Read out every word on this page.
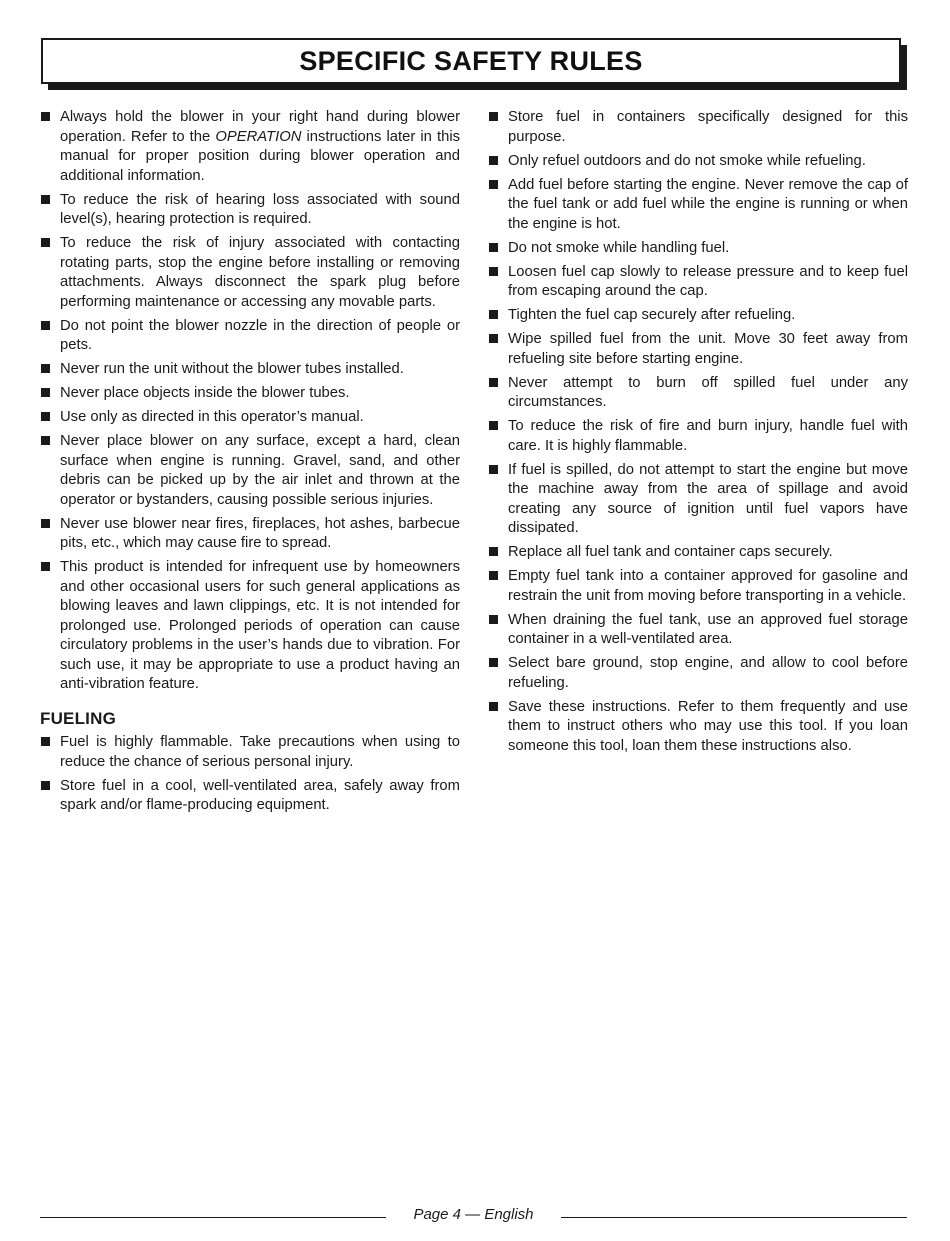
SPECIFIC SAFETY RULES
Always hold the blower in your right hand during blower operation. Refer to the OPERATION instructions later in this manual for proper position during blower operation and additional information.
To reduce the risk of hearing loss associated with sound level(s), hearing protection is required.
To reduce the risk of injury associated with contacting rotating parts, stop the engine before installing or removing attachments. Always disconnect the spark plug before performing maintenance or accessing any movable parts.
Do not point the blower nozzle in the direction of people or pets.
Never run the unit without the blower tubes installed.
Never place objects inside the blower tubes.
Use only as directed in this operator’s manual.
Never place blower on any surface, except a hard, clean surface when engine is running. Gravel, sand, and other debris can be picked up by the air inlet and thrown at the operator or bystanders, causing possible serious injuries.
Never use blower near fires, fireplaces, hot ashes, barbecue pits, etc., which may cause fire to spread.
This product is intended for infrequent use by homeowners and other occasional users for such general applications as blowing leaves and lawn clippings, etc. It is not intended for prolonged use. Prolonged periods of operation can cause circulatory problems in the user’s hands due to vibration. For such use, it may be appropriate to use a product having an anti-vibration feature.
FUELING
Fuel is highly flammable. Take precautions when using to reduce the chance of serious personal injury.
Store fuel in a cool, well-ventilated area, safely away from spark and/or flame-producing equipment.
Store fuel in containers specifically designed for this purpose.
Only refuel outdoors and do not smoke while refueling.
Add fuel before starting the engine. Never remove the cap of the fuel tank or add fuel while the engine is running or when the engine is hot.
Do not smoke while handling fuel.
Loosen fuel cap slowly to release pressure and to keep fuel from escaping around the cap.
Tighten the fuel cap securely after refueling.
Wipe spilled fuel from the unit. Move 30 feet away from refueling site before starting engine.
Never attempt to burn off spilled fuel under any circumstances.
To reduce the risk of fire and burn injury, handle fuel with care. It is highly flammable.
If fuel is spilled, do not attempt to start the engine but move the machine away from the area of spillage and avoid creating any source of ignition until fuel vapors have dissipated.
Replace all fuel tank and container caps securely.
Empty fuel tank into a container approved for gasoline and restrain the unit from moving before transporting in a vehicle.
When draining the fuel tank, use an approved fuel storage container in a well-ventilated area.
Select bare ground, stop engine, and allow to cool before refueling.
Save these instructions. Refer to them frequently and use them to instruct others who may use this tool. If you loan someone this tool, loan them these instructions also.
Page 4 — English
